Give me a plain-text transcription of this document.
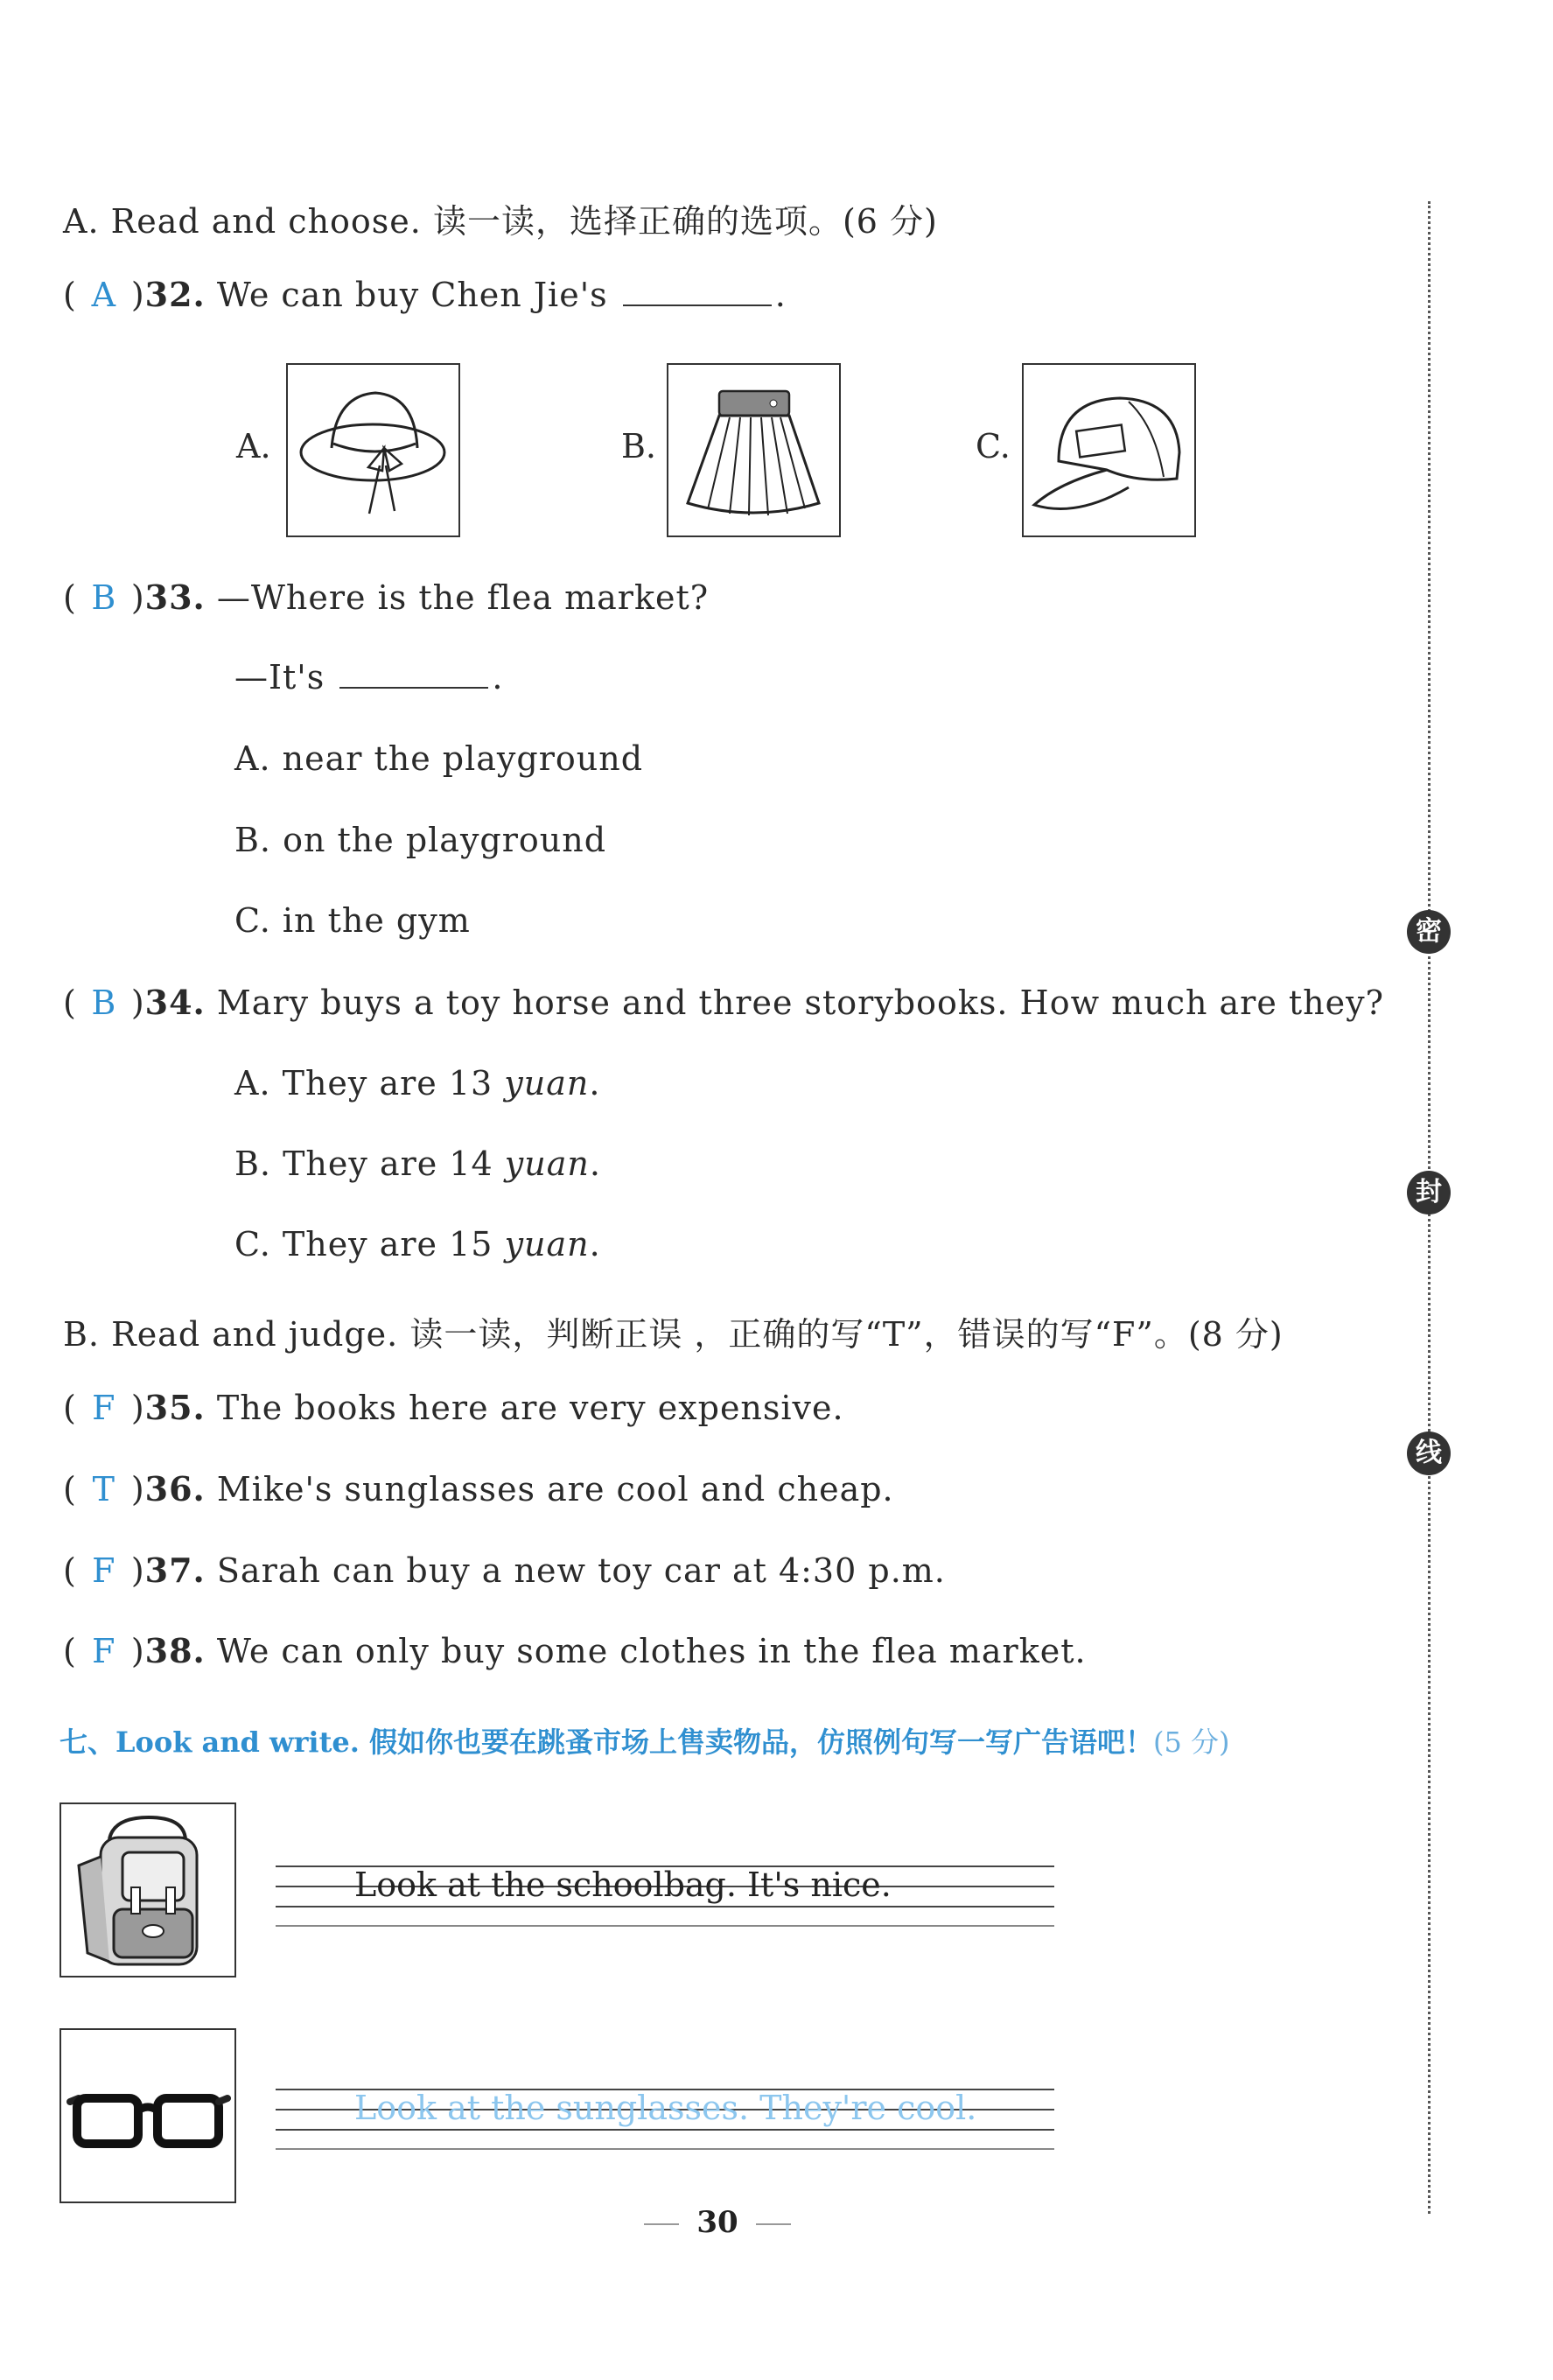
A. Read and choose. 读一读，选择正确的选项。(6 分)
( A )32. We can buy Chen Jie's	.
A.	B.	C.
( B )33. —Where is the flea market?
—It's	.
A. near the playground
B. on the playground
C. in the gym
( B )34. Mary buys a toy horse and three storybooks. How much are they?
A. They are 13 yuan.
B. They are 14 yuan.
C. They are 15 yuan.
B. Read and judge. 读一读，判断正误 ，正确的写“T”，错误的写“F”。(8 分)
( F )35. The books here are very expensive.
( T )36. Mike's sunglasses are cool and cheap.
( F )37. Sarah can buy a new toy car at 4:30 p.m.
( F )38. We can only buy some clothes in the flea market.
七、Look and write. 假如你也要在跳蚤市场上售卖物品，仿照例句写一写广告语吧！(5 分)
Look at the schoolbag. It's nice.
Look at the sunglasses. They're cool.
密
封
线
30
